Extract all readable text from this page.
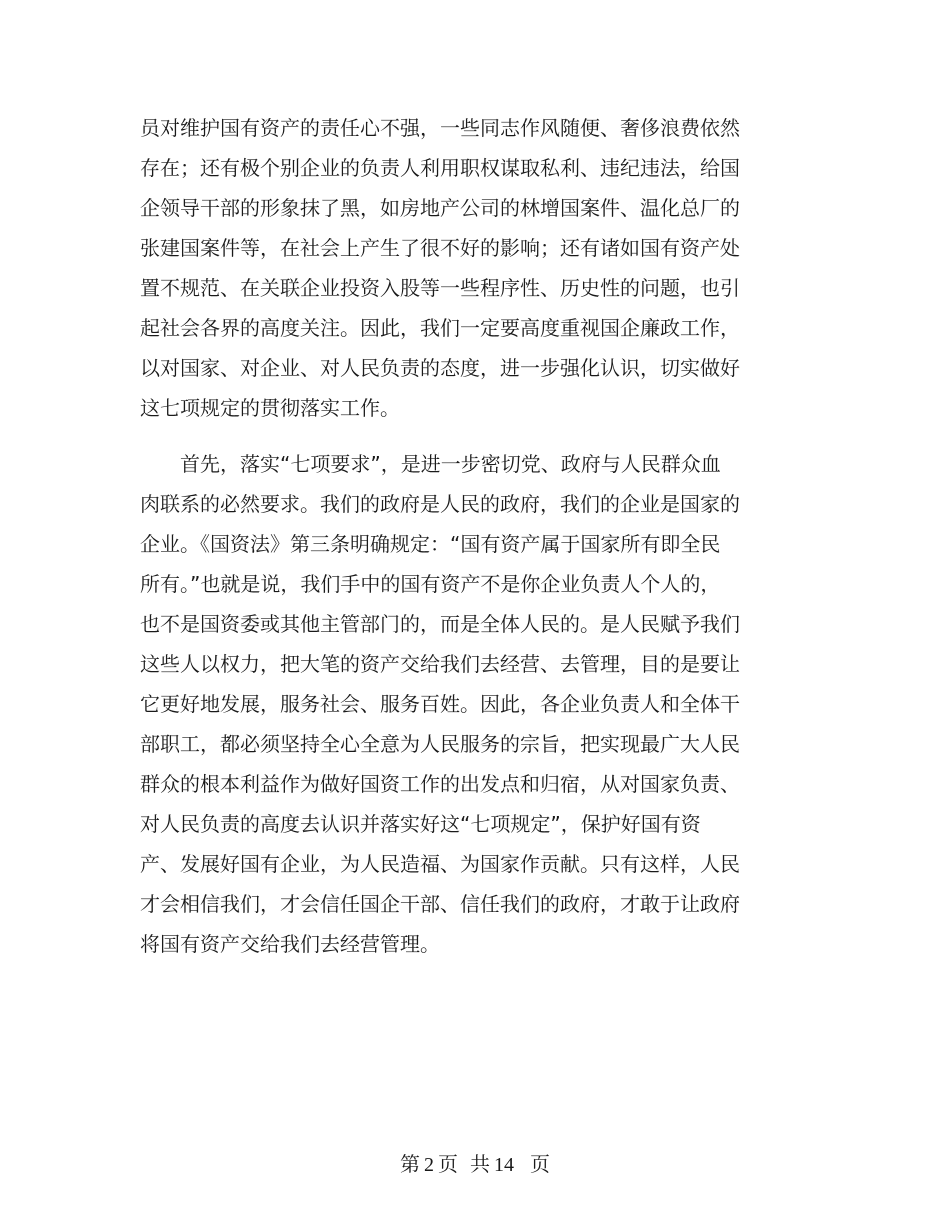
员对维护国有资产的责任心不强，一些同志作风随便、奢侈浪费依然
存在；还有极个别企业的负责人利用职权谋取私利、违纪违法，给国
企领导干部的形象抹了黑，如房地产公司的林增国案件、温化总厂的
张建国案件等，在社会上产生了很不好的影响；还有诸如国有资产处
置不规范、在关联企业投资入股等一些程序性、历史性的问题，也引
起社会各界的高度关注。因此，我们一定要高度重视国企廉政工作，
以对国家、对企业、对人民负责的态度，进一步强化认识，切实做好
这七项规定的贯彻落实工作。
　　首先，落实“七项要求”，是进一步密切党、政府与人民群众血
肉联系的必然要求。我们的政府是人民的政府，我们的企业是国家的
企业。《国资法》第三条明确规定：“国有资产属于国家所有即全民
所有。”也就是说，我们手中的国有资产不是你企业负责人个人的，
也不是国资委或其他主管部门的，而是全体人民的。是人民赋予我们
这些人以权力，把大笔的资产交给我们去经营、去管理，目的是要让
它更好地发展，服务社会、服务百姓。因此，各企业负责人和全体干
部职工，都必须坚持全心全意为人民服务的宗旨，把实现最广大人民
群众的根本利益作为做好国资工作的出发点和归宿，从对国家负责、
对人民负责的高度去认识并落实好这“七项规定”，保护好国有资
产、发展好国有企业，为人民造福、为国家作贡献。只有这样，人民
才会相信我们，才会信任国企干部、信任我们的政府，才敢于让政府
将国有资产交给我们去经营管理。
第 2 页 共 14 页
